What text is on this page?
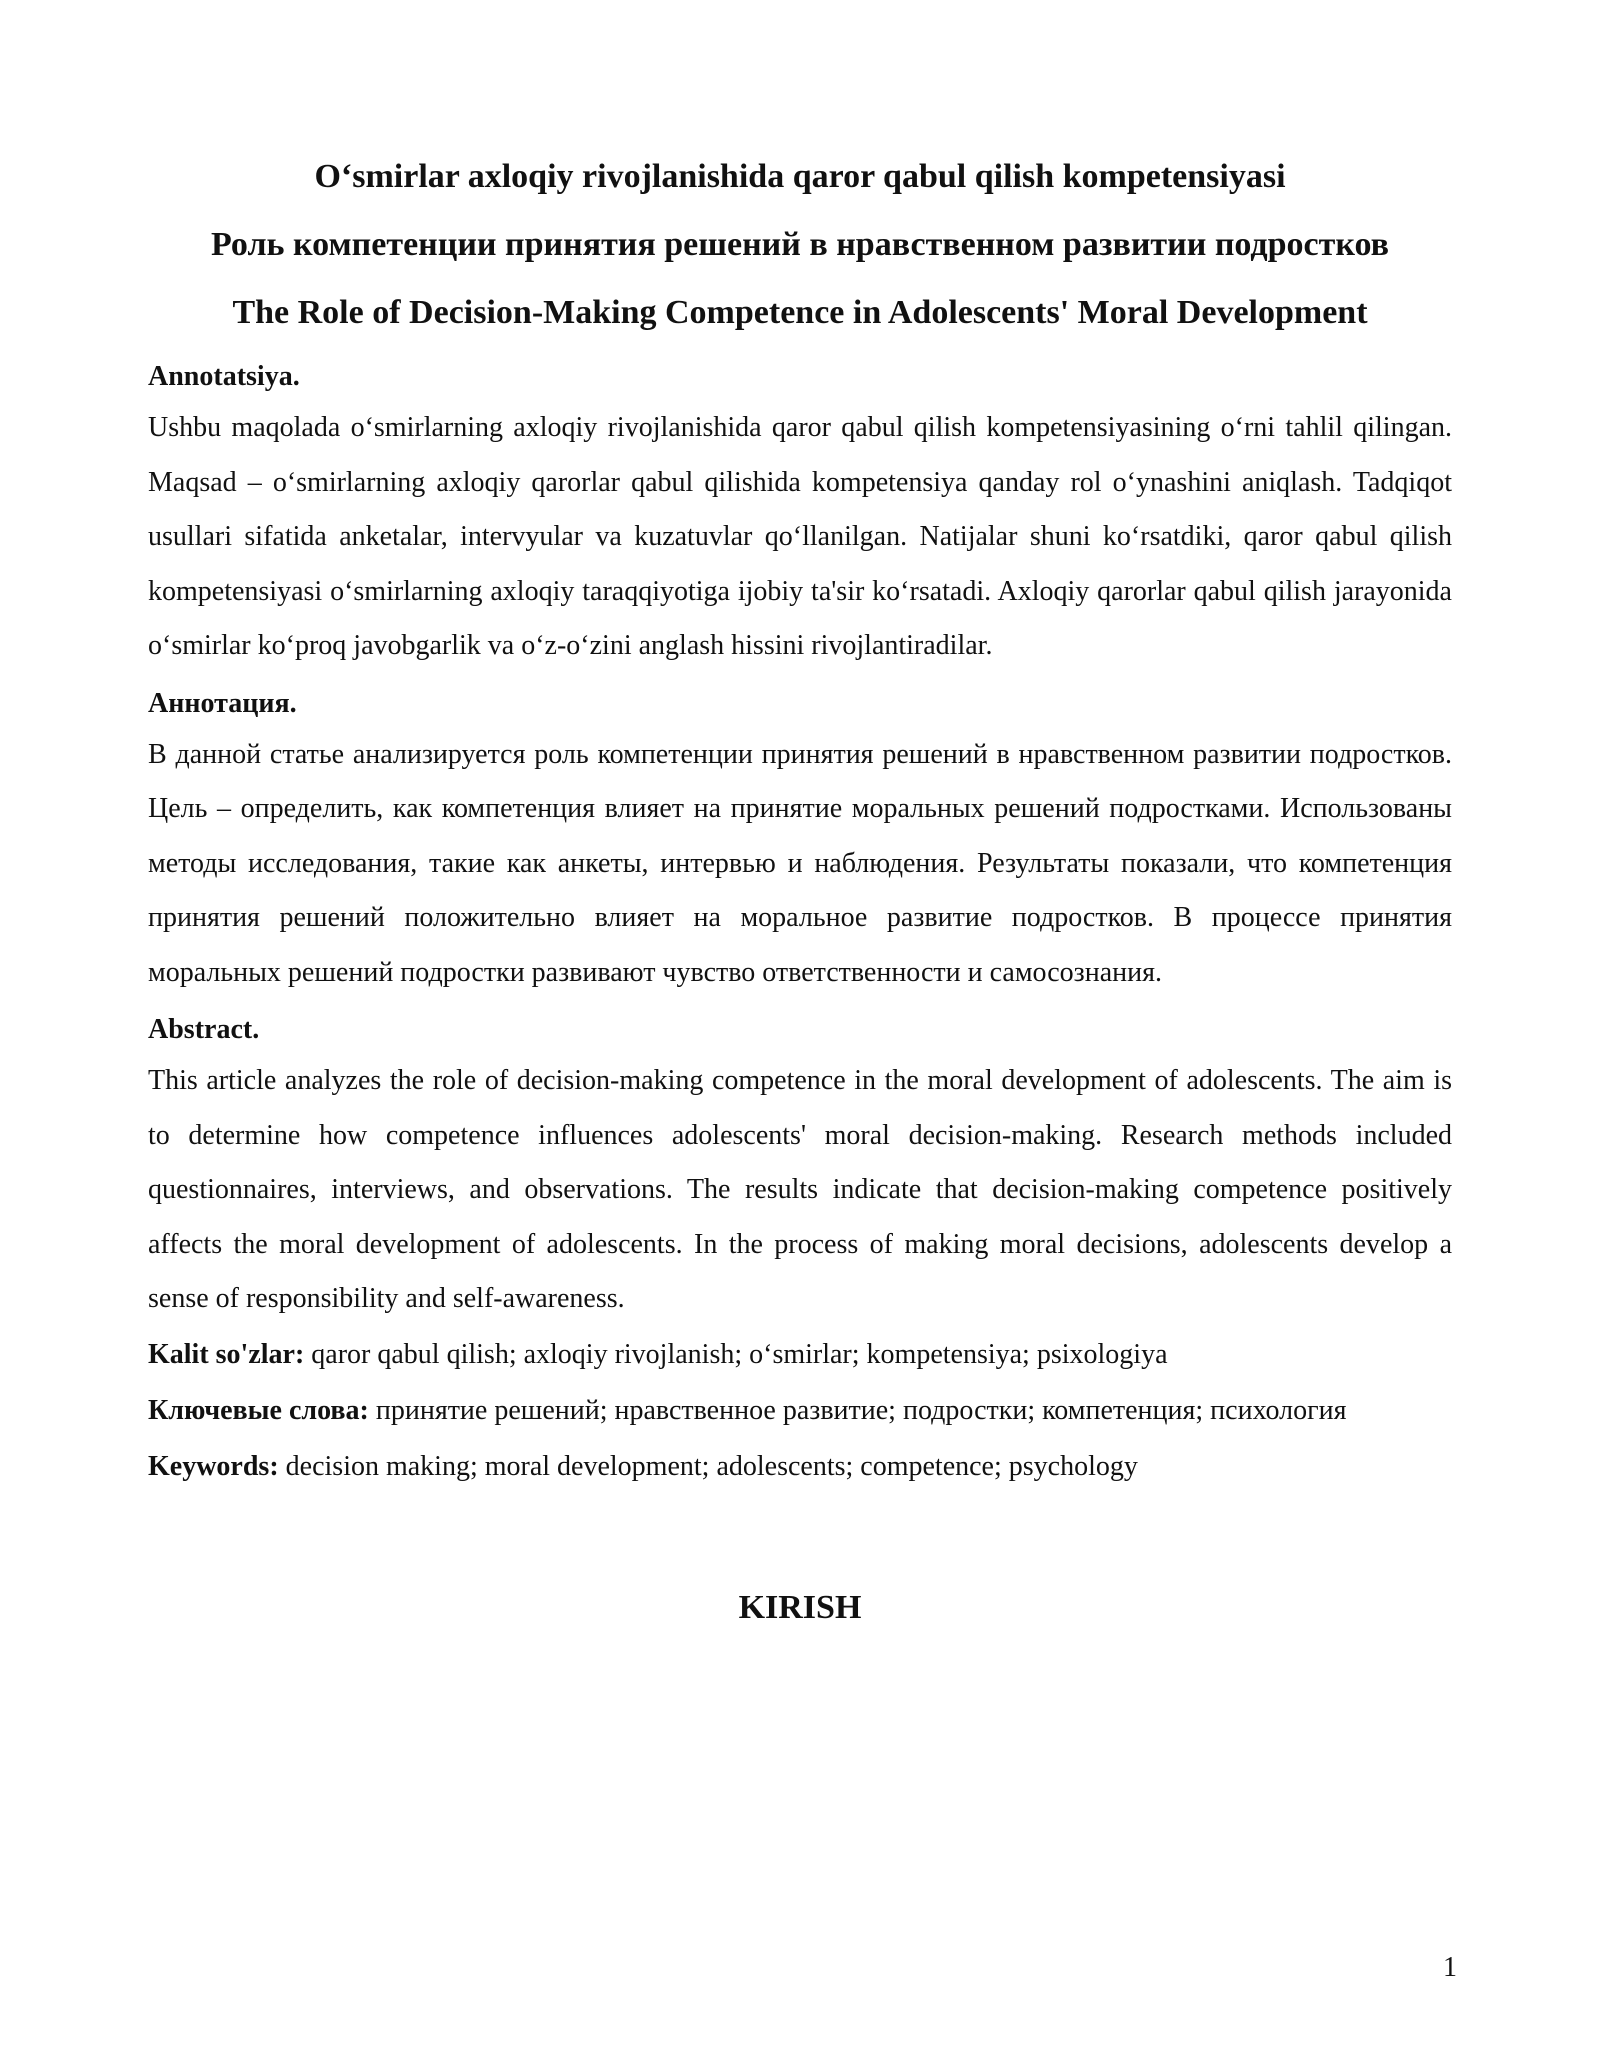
Oʻsmirlar axloqiy rivojlanishida qaror qabul qilish kompetensiyasi

Роль компетенции принятия решений в нравственном развитии подростков

The Role of Decision-Making Competence in Adolescents' Moral Development

Annotatsiya.

Ushbu maqolada oʻsmirlarning axloqiy rivojlanishida qaror qabul qilish kompetensiyasining oʻrni tahlil qilingan. Maqsad – oʻsmirlarning axloqiy qarorlar qabul qilishida kompetensiya qanday rol oʻynashini aniqlash. Tadqiqot usullari sifatida anketalar, intervyular va kuzatuvlar qoʻllanilgan. Natijalar shuni koʻrsatdiki, qaror qabul qilish kompetensiyasi oʻsmirlarning axloqiy taraqqiyotiga ijobiy ta'sir koʻrsatadi. Axloqiy qarorlar qabul qilish jarayonida oʻsmirlar koʻproq javobgarlik va oʻz-oʻzini anglash hissini rivojlantiradilar.

Аннотация.

В данной статье анализируется роль компетенции принятия решений в нравственном развитии подростков. Цель – определить, как компетенция влияет на принятие моральных решений подростками. Использованы методы исследования, такие как анкеты, интервью и наблюдения. Результаты показали, что компетенция принятия решений положительно влияет на моральное развитие подростков. В процессе принятия моральных решений подростки развивают чувство ответственности и самосознания.

Abstract.

This article analyzes the role of decision-making competence in the moral development of adolescents. The aim is to determine how competence influences adolescents' moral decision-making. Research methods included questionnaires, interviews, and observations. The results indicate that decision-making competence positively affects the moral development of adolescents. In the process of making moral decisions, adolescents develop a sense of responsibility and self-awareness.

Kalit so'zlar: qaror qabul qilish; axloqiy rivojlanish; oʻsmirlar; kompetensiya; psixologiya

Ключевые слова: принятие решений; нравственное развитие; подростки; компетенция; психология

Keywords: decision making; moral development; adolescents; competence; psychology

KIRISH
1
